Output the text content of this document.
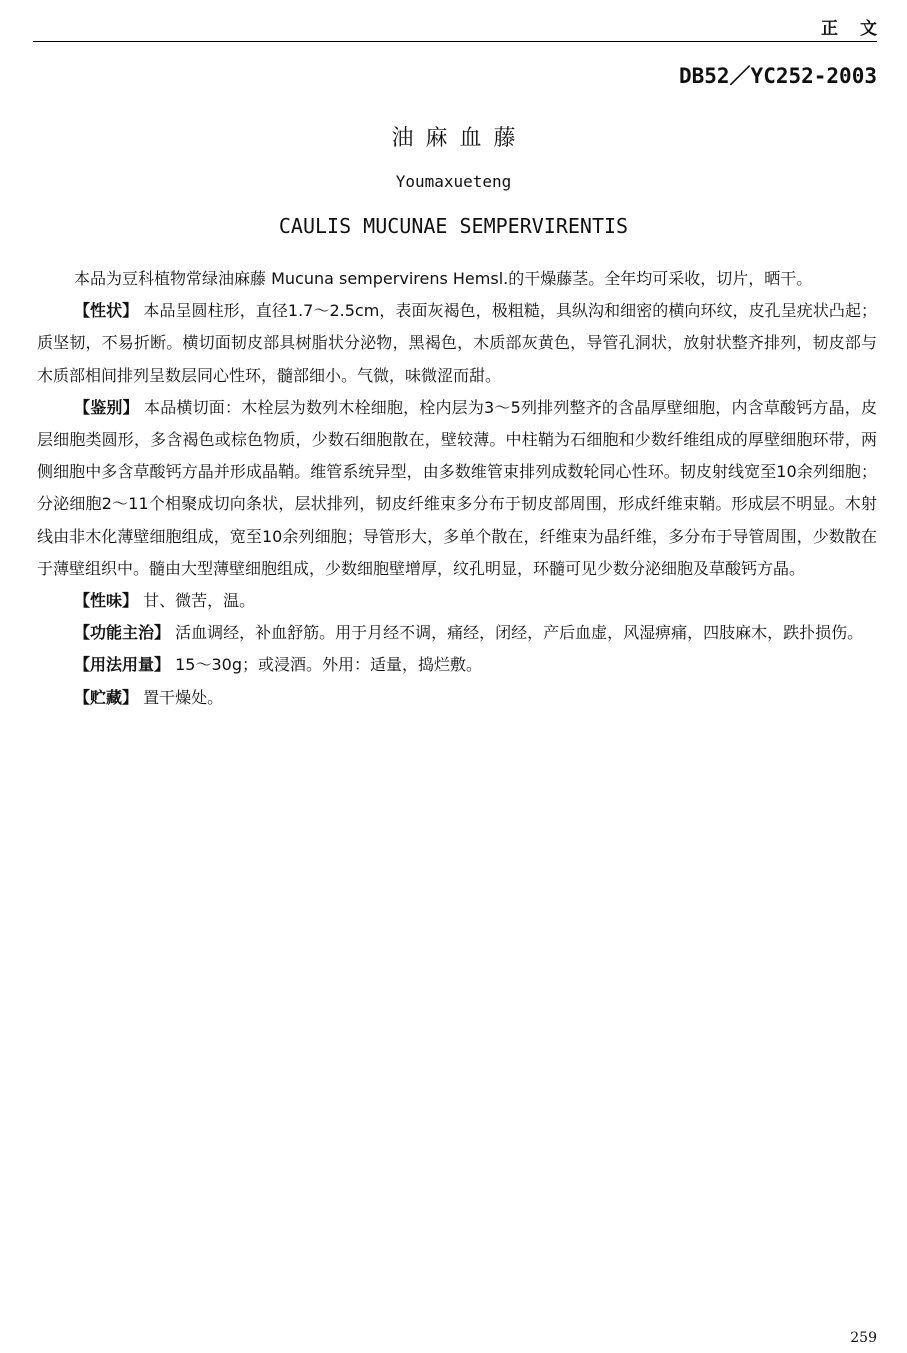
正文
DB52／YC252-2003
油麻血藤
Youmaxueteng
CAULIS MUCUNAE SEMPERVIRENTIS

本品为豆科植物常绿油麻藤 Mucuna sempervirens Hemsl.的干燥藤茎。全年均可采收，切片，晒干。

【性状】 本品呈圆柱形，直径1.7～2.5cm，表面灰褐色，极粗糙，具纵沟和细密的横向环纹，皮孔呈疣状凸起；质坚韧，不易折断。横切面韧皮部具树脂状分泌物，黑褐色，木质部灰黄色，导管孔洞状，放射状整齐排列，韧皮部与木质部相间排列呈数层同心性环，髓部细小。气微，味微涩而甜。

【鉴别】 本品横切面：木栓层为数列木栓细胞，栓内层为3～5列排列整齐的含晶厚壁细胞，内含草酸钙方晶，皮层细胞类圆形，多含褐色或棕色物质，少数石细胞散在，壁较薄。中柱鞘为石细胞和少数纤维组成的厚壁细胞环带，两侧细胞中多含草酸钙方晶并形成晶鞘。维管系统异型，由多数维管束排列成数轮同心性环。韧皮射线宽至10余列细胞；分泌细胞2～11个相聚成切向条状，层状排列，韧皮纤维束多分布于韧皮部周围，形成纤维束鞘。形成层不明显。木射线由非木化薄壁细胞组成，宽至10余列细胞；导管形大，多单个散在，纤维束为晶纤维，多分布于导管周围，少数散在于薄壁组织中。髓由大型薄壁细胞组成，少数细胞壁增厚，纹孔明显，环髓可见少数分泌细胞及草酸钙方晶。

【性味】 甘、微苦，温。

【功能主治】 活血调经，补血舒筋。用于月经不调，痛经，闭经，产后血虚，风湿痹痛，四肢麻木，跌扑损伤。

【用法用量】 15～30g；或浸酒。外用：适量，捣烂敷。

【贮藏】 置干燥处。

259
